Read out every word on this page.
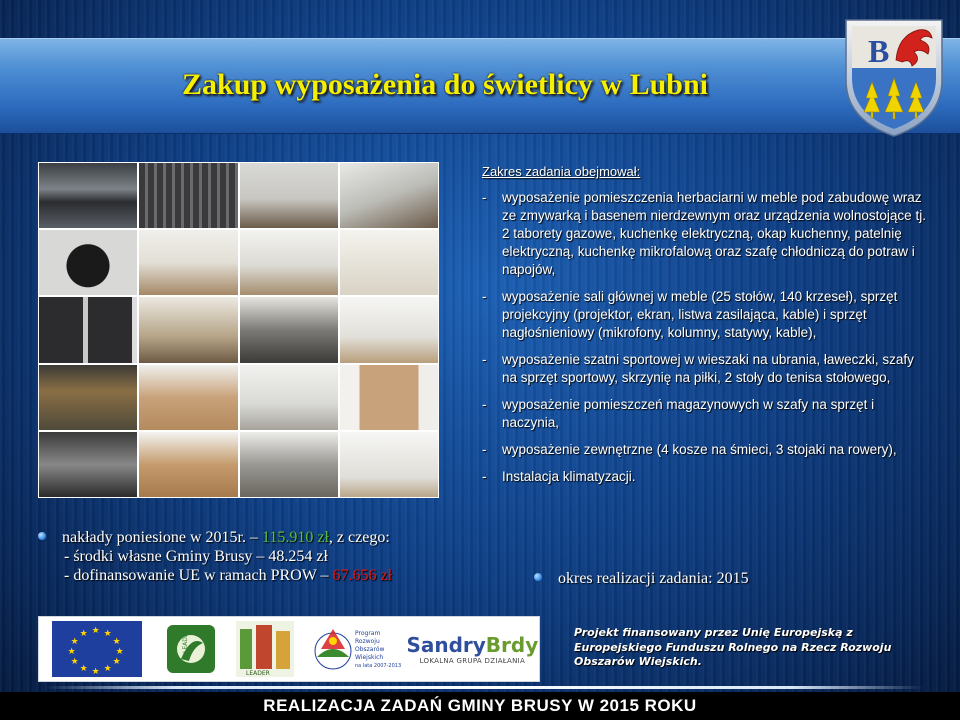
Zakup wyposażenia do świetlicy w Lubni
B
Zakres zadania obejmował:
- wyposażenie pomieszczenia herbaciarni w meble pod zabudowę wraz ze zmywarką i basenem nierdzewnym oraz urządzenia wolnostojące tj. 2 taborety gazowe, kuchenkę elektryczną, okap kuchenny, patelnię elektryczną, kuchenkę mikrofalową oraz szafę chłodniczą do potraw i napojów,
- wyposażenie sali głównej w meble (25 stołów, 140 krzeseł), sprzęt projekcyjny (projektor, ekran, listwa zasilająca, kable) i sprzęt nagłośnieniowy (mikrofony, kolumny, statywy, kable),
- wyposażenie szatni sportowej w wieszaki na ubrania, ławeczki, szafy na sprzęt sportowy, skrzynię na piłki, 2 stoły do tenisa stołowego,
- wyposażenie pomieszczeń magazynowych w szafy na sprzęt i naczynia,
- wyposażenie zewnętrzne (4 kosze na śmieci, 3 stojaki na rowery),
- Instalacja klimatyzacji.
nakłady poniesione w 2015r. – 115.910 zł, z czego:
- środki własne Gminy Brusy – 48.254 zł
- dofinansowanie UE w ramach PROW – 67.656 zł	okres realizacji zadania: 2015
★ ★
★
★
★
★
★
★
★
★
★
★	LEADER
LEADER
Program
Rozwoju
Obszarów
Wiejskich
na lata 2007-2013
SandryBrdy
LOKALNA GRUPA DZIAŁANIA
Projekt finansowany przez Unię Europejską z Europejskiego Funduszu Rolnego na Rzecz Rozwoju Obszarów Wiejskich.
REALIZACJA ZADAŃ GMINY BRUSY W 2015 ROKU
